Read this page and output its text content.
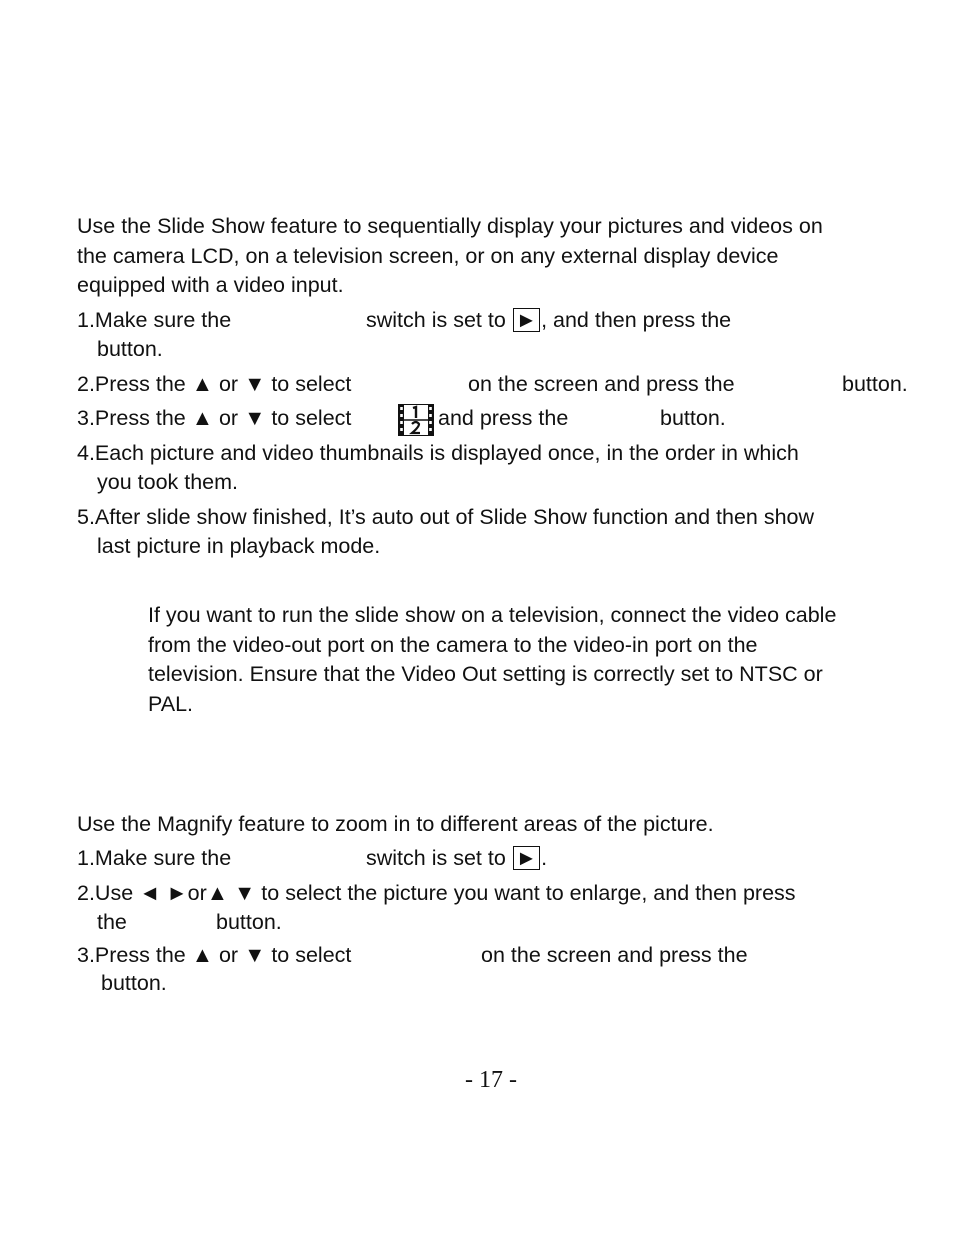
Use the Slide Show feature to sequentially display your pictures and videos on
the camera LCD, on a television screen, or on any external display device
equipped with a video input.
1.Make sure the	switch is set to ► , and then press the
button.
2.Press the ▲ or ▼ to select	on the screen and press the	button.
3.Press the ▲ or ▼ to select	and press the	button.
4.Each picture and video thumbnails is displayed once, in the order in which
you took them.
5.After slide show finished, It’s auto out of Slide Show function and then show
last picture in playback mode.
If you want to run the slide show on a television, connect the video cable
from the video-out port on the camera to the video-in port on the
television. Ensure that the Video Out setting is correctly set to NTSC or
PAL.
Use the Magnify feature to zoom in to different areas of the picture.
1.Make sure the	switch is set to ► .
2.Use ◄ ►or▲ ▼ to select the picture you want to enlarge, and then press
the	button.
3.Press the ▲ or ▼ to select	on the screen and press the
button.
- 17 -
